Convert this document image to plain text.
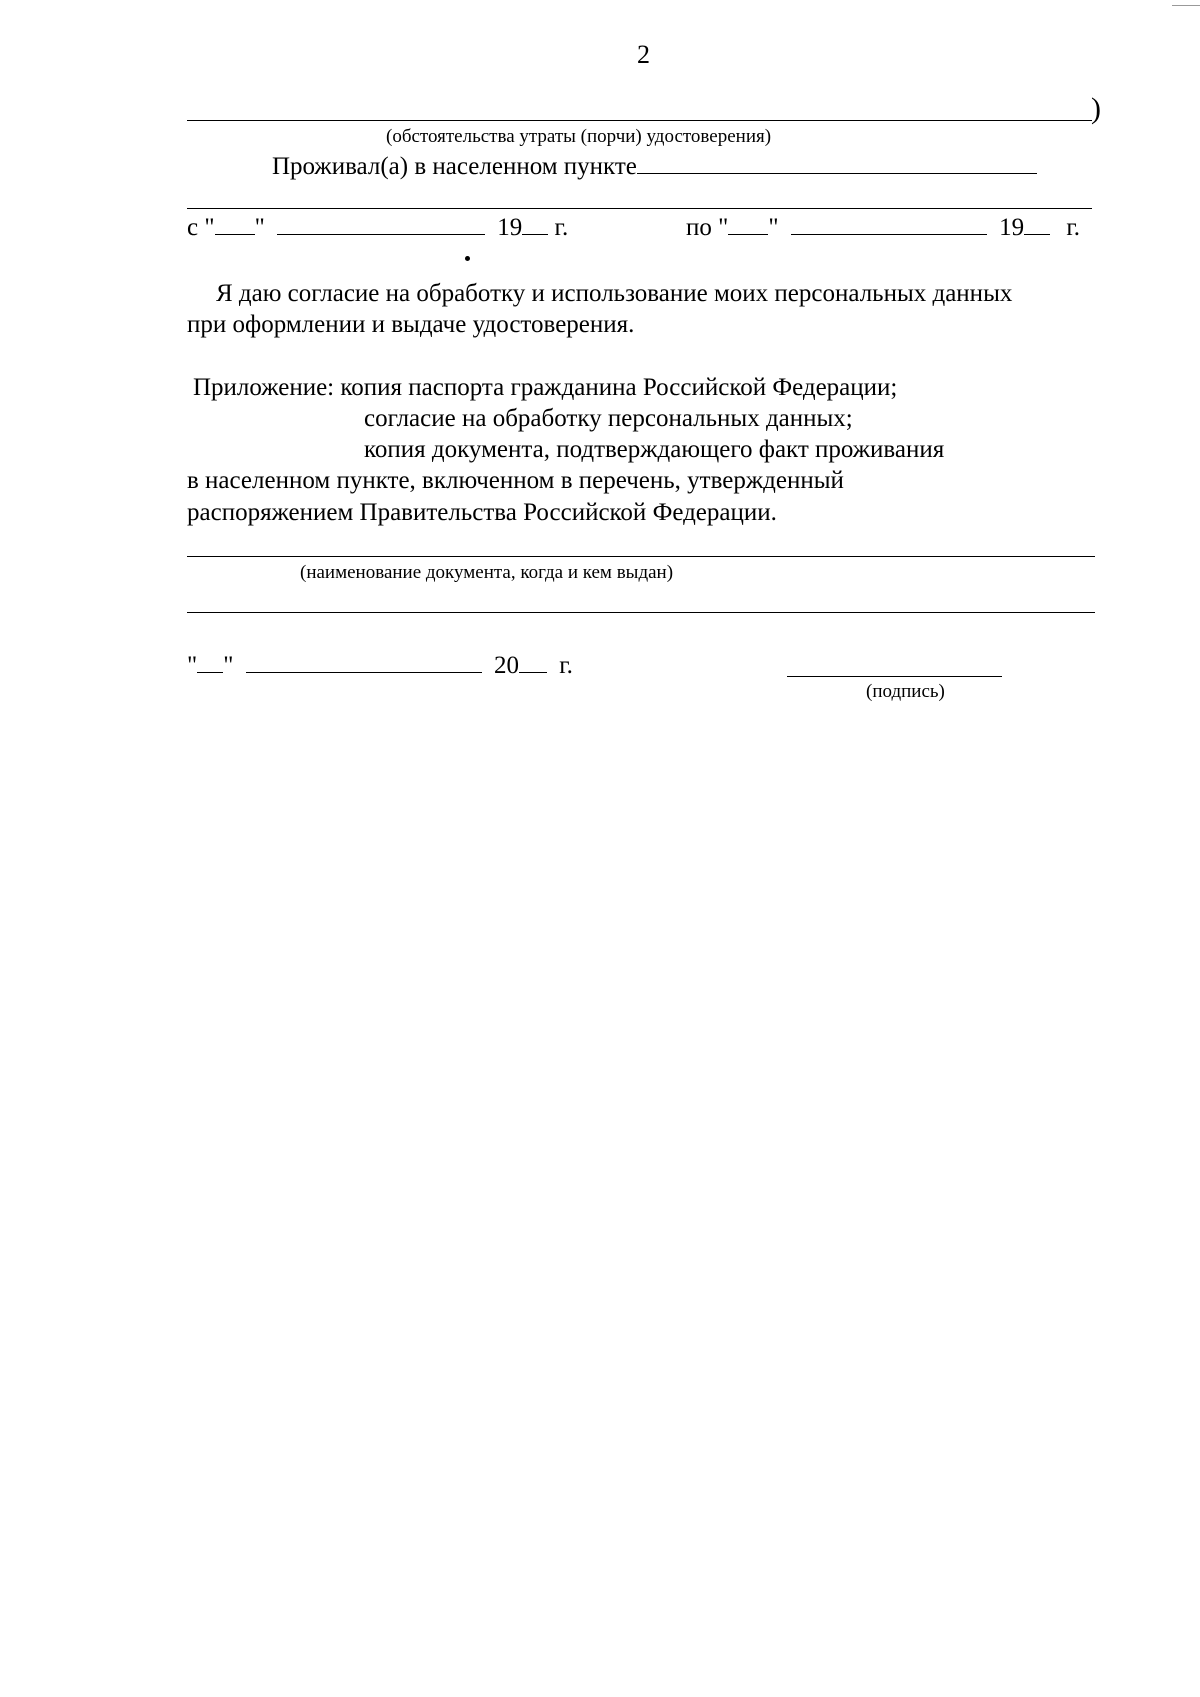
2
)
(обстоятельства утраты (порчи) удостоверения)
Проживал(а) в населенном пункте
с " "	19 г.	по " "	19 г.
Я даю согласие на обработку и использование моих персональных данных
при оформлении и выдаче удостоверения.
Приложение: копия паспорта гражданина Российской Федерации;
согласие на обработку персональных данных;
копия документа, подтверждающего факт проживания
в населенном пункте, включенном в перечень, утвержденный
распоряжением Правительства Российской Федерации.
(наименование документа, когда и кем выдан)
" "	20 г.
(подпись)
